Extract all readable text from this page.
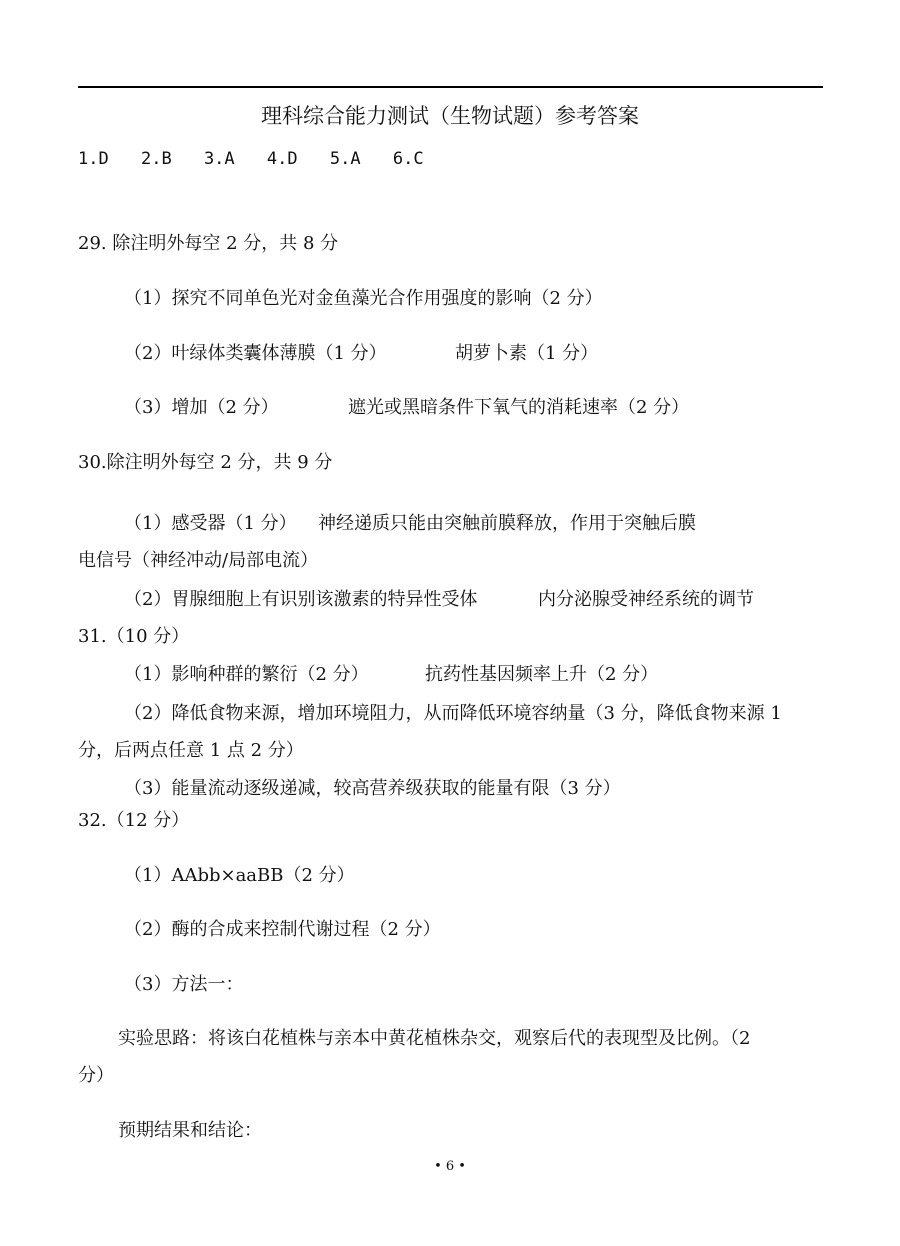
理科综合能力测试（生物试题）参考答案
1.D 2.B 3.A 4.D 5.A 6.C
29. 除注明外每空 2 分，共 8 分
（1）探究不同单色光对金鱼藻光合作用强度的影响（2 分）
（2）叶绿体类囊体薄膜（1 分）	胡萝卜素（1 分）
（3）增加（2 分）	遮光或黑暗条件下氧气的消耗速率（2 分）
30.除注明外每空 2 分，共 9 分
（1）感受器（1 分） 神经递质只能由突触前膜释放，作用于突触后膜
电信号（神经冲动/局部电流）
（2）胃腺细胞上有识别该激素的特异性受体	内分泌腺受神经系统的调节
31.（10 分）
（1）影响种群的繁衍（2 分）	抗药性基因频率上升（2 分）
（2）降低食物来源，增加环境阻力，从而降低环境容纳量（3 分，降低食物来源 1
分，后两点任意 1 点 2 分）
（3）能量流动逐级递减，较高营养级获取的能量有限（3 分）
32.（12 分）
（1）AAbb×aaBB（2 分）
（2）酶的合成来控制代谢过程（2 分）
（3）方法一：
实验思路：将该白花植株与亲本中黄花植株杂交，观察后代的表现型及比例。（2
分）
预期结果和结论：
• 6 •
